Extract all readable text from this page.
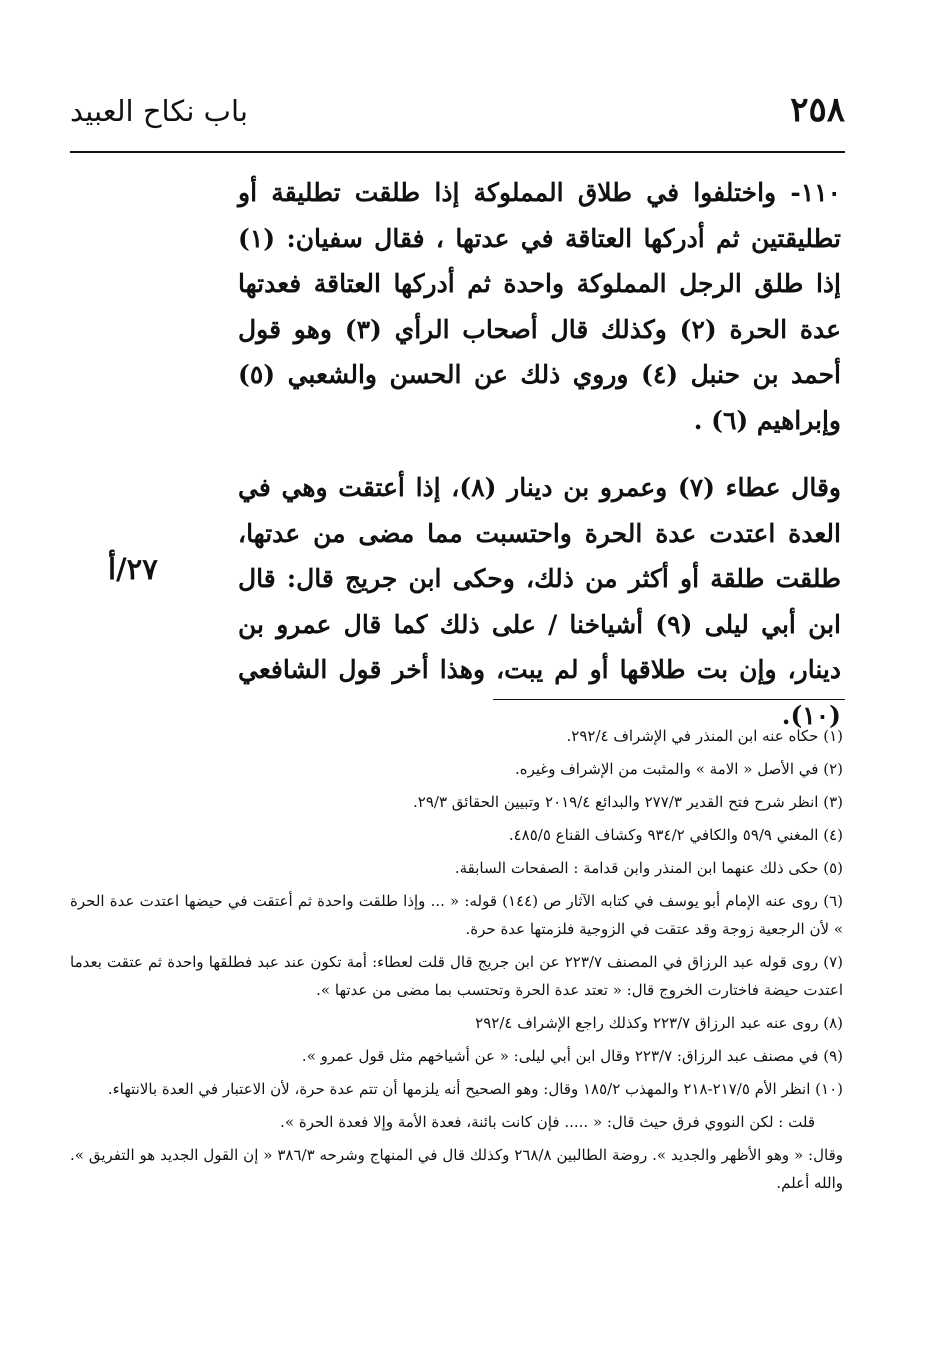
٢٥٨
باب نكاح العبيد

١١٠- واختلفوا في طلاق المملوكة إذا طلقت تطليقة أو تطليقتين ثم أدركها العتاقة في عدتها ، فقال سفيان: (١) إذا طلق الرجل المملوكة واحدة ثم أدركها العتاقة فعدتها عدة الحرة (٢) وكذلك قال أصحاب الرأي (٣) وهو قول أحمد بن حنبل (٤) وروي ذلك عن الحسن والشعبي (٥) وإبراهيم (٦) .

وقال عطاء (٧) وعمرو بن دينار (٨)، إذا أعتقت وهي في العدة اعتدت عدة الحرة واحتسبت مما مضى من عدتها، طلقت طلقة أو أكثر من ذلك، وحكى ابن جريج قال: قال ابن أبي ليلى (٩) أشياخنا / على ذلك كما قال عمرو بن دينار، وإن بت طلاقها أو لم يبت، وهذا أخر قول الشافعي (١٠).

٢٧/أ

(١) حكاه عنه ابن المنذر في الإشراف ٢٩٢/٤.

(٢) في الأصل « الامة » والمثبت من الإشراف وغيره.

(٣) انظر شرح فتح القدير ٢٧٧/٣ والبدائع ٢٠١٩/٤ وتبيين الحقائق ٢٩/٣.

(٤) المغني ٥٩/٩ والكافي ٩٣٤/٢ وكشاف القناع ٤٨٥/٥.

(٥) حكى ذلك عنهما ابن المنذر وابن قدامة : الصفحات السابقة.

(٦) روى عنه الإمام أبو يوسف في كتابه الآثار ص (١٤٤) قوله: « ... وإذا طلقت واحدة ثم أعتقت في حيضها اعتدت عدة الحرة » لأن الرجعية زوجة وقد عتقت في الزوجية فلزمتها عدة حرة.

(٧) روى قوله عبد الرزاق في المصنف ٢٢٣/٧ عن ابن جريج قال قلت لعطاء: أمة تكون عند عبد فطلقها واحدة ثم عتقت بعدما اعتدت حيضة فاختارت الخروج قال: « تعتد عدة الحرة وتحتسب بما مضى من عدتها ».

(٨) روى عنه عبد الرزاق ٢٢٣/٧ وكذلك راجع الإشراف ٢٩٢/٤

(٩) في مصنف عبد الرزاق: ٢٢٣/٧ وقال ابن أبي ليلى: « عن أشياخهم مثل قول عمرو ».

(١٠) انظر الأم ٢١٧/٥-٢١٨ والمهذب ١٨٥/٢ وقال: وهو الصحيح أنه يلزمها أن تتم عدة حرة، لأن الاعتبار في العدة بالانتهاء.

قلت : لكن النووي فرق حيث قال: « ..... فإن كانت بائنة، فعدة الأمة وإلا فعدة الحرة ».

وقال: « وهو الأظهر والجديد ». روضة الطالبين ٢٦٨/٨ وكذلك قال في المنهاج وشرحه ٣٨٦/٣ « إن القول الجديد هو التفريق ». والله أعلم.
